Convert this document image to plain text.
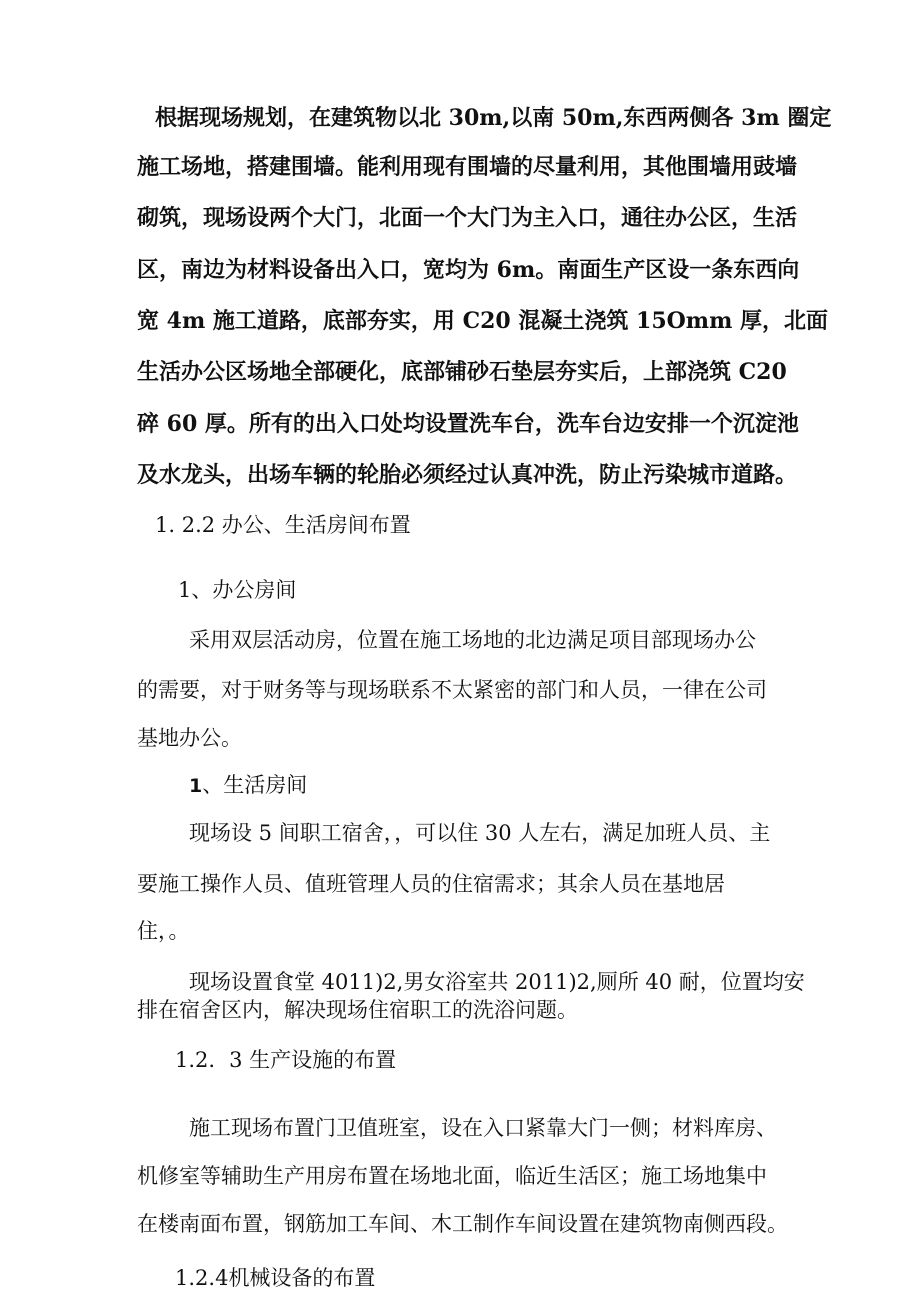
根据现场规划，在建筑物以北 30m,以南 50m,东西两侧各 3m 圈定
施工场地，搭建围墙。能利用现有围墙的尽量利用，其他围墙用豉墙
砌筑，现场设两个大门，北面一个大门为主入口，通往办公区，生活
区，南边为材料设备出入口，宽均为 6m。南面生产区设一条东西向
宽 4m 施工道路，底部夯实，用 C20 混凝土浇筑 15Omm 厚，北面
生活办公区场地全部硬化，底部铺砂石垫层夯实后，上部浇筑 C20
碎 60 厚。所有的出入口处均设置洗车台，洗车台边安排一个沉淀池
及水龙头，出场车辆的轮胎必须经过认真冲洗，防止污染城市道路。
1. 2.2 办公、生活房间布置
1、办公房间
采用双层活动房，位置在施工场地的北边满足项目部现场办公
的需要，对于财务等与现场联系不太紧密的部门和人员，一律在公司
基地办公。
1、生活房间
现场设 5 间职工宿舍，，可以住 30 人左右，满足加班人员、主
要施工操作人员、值班管理人员的住宿需求；其余人员在基地居
住，。
现场设置食堂 4011)2,男女浴室共 2011)2,厕所 40 耐，位置均安
排在宿舍区内，解决现场住宿职工的洗浴问题。
1.2. 3 生产设施的布置
施工现场布置门卫值班室，设在入口紧靠大门一侧；材料库房、
机修室等辅助生产用房布置在场地北面，临近生活区；施工场地集中
在楼南面布置，钢筋加工车间、木工制作车间设置在建筑物南侧西段。
1.2.4机械设备的布置
